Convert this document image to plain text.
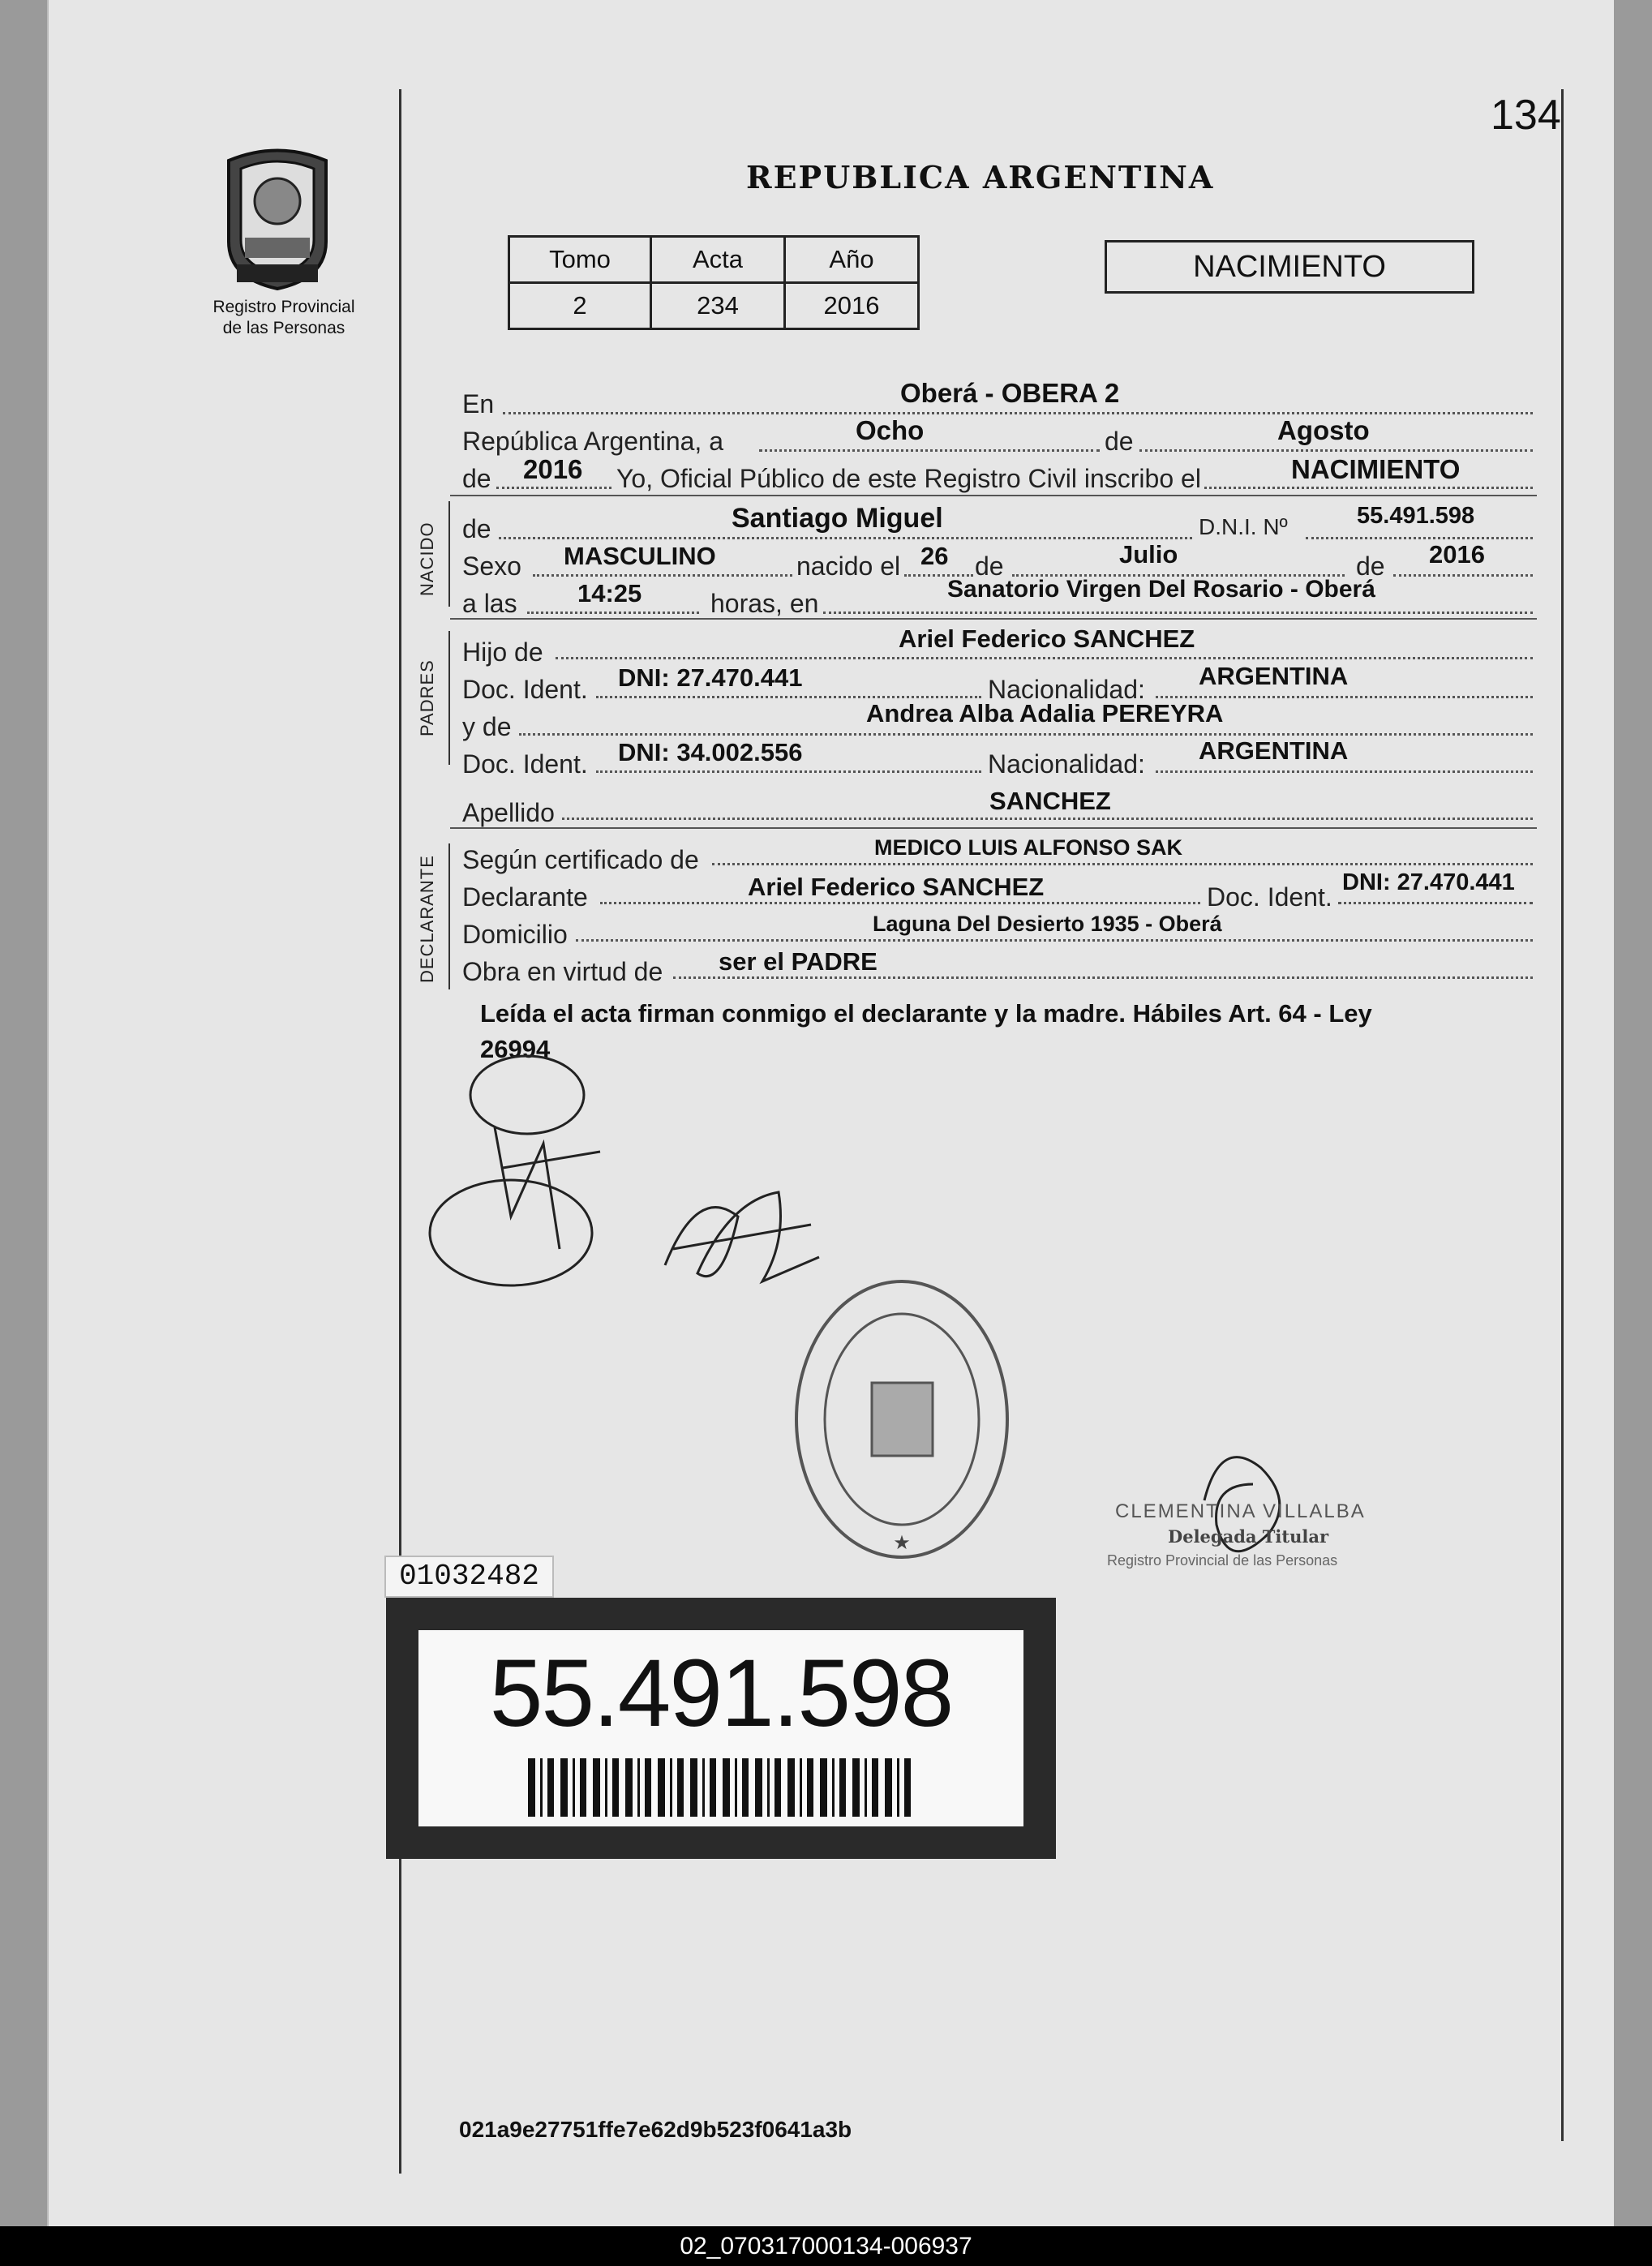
134
Registro Provincial
de las Personas
REPUBLICA ARGENTINA
Tomo	Acta	Año
2	234	2016
NACIMIENTO
En	Oberá - OBERA 2
República Argentina, a	Ocho	de	Agosto
de 2016 Yo, Oficial Público de este Registro Civil inscribo el	NACIMIENTO
NACIDO de	Santiago Miguel	D.N.I. Nº	55.491.598
Sexo MASCULINO	nacido el 26 de	Julio	de 2016
a las 14:25	horas, en	Sanatorio Virgen Del Rosario - Oberá
PADRES
Hijo de	Ariel Federico SANCHEZ
Doc. Ident. DNI: 27.470.441	Nacionalidad: ARGENTINA
y de	Andrea Alba Adalia PEREYRA
Doc. Ident. DNI: 34.002.556	Nacionalidad: ARGENTINA
Apellido	SANCHEZ
DECLARANTE Según certificado de	MEDICO LUIS ALFONSO SAK
Declarante	Ariel Federico SANCHEZ	Doc. Ident. DNI: 27.470.441
Domicilio	Laguna Del Desierto 1935 - Oberá
Obra en virtud de ser el PADRE
Leída el acta firman conmigo el declarante y la madre. Hábiles Art. 64 - Ley
26994
★
CLEMENTINA VILLALBA
Delegada Titular
Registro Provincial de las Personas
01032482
55.491.598
021a9e27751ffe7e62d9b523f0641a3b
02_070317000134-006937
